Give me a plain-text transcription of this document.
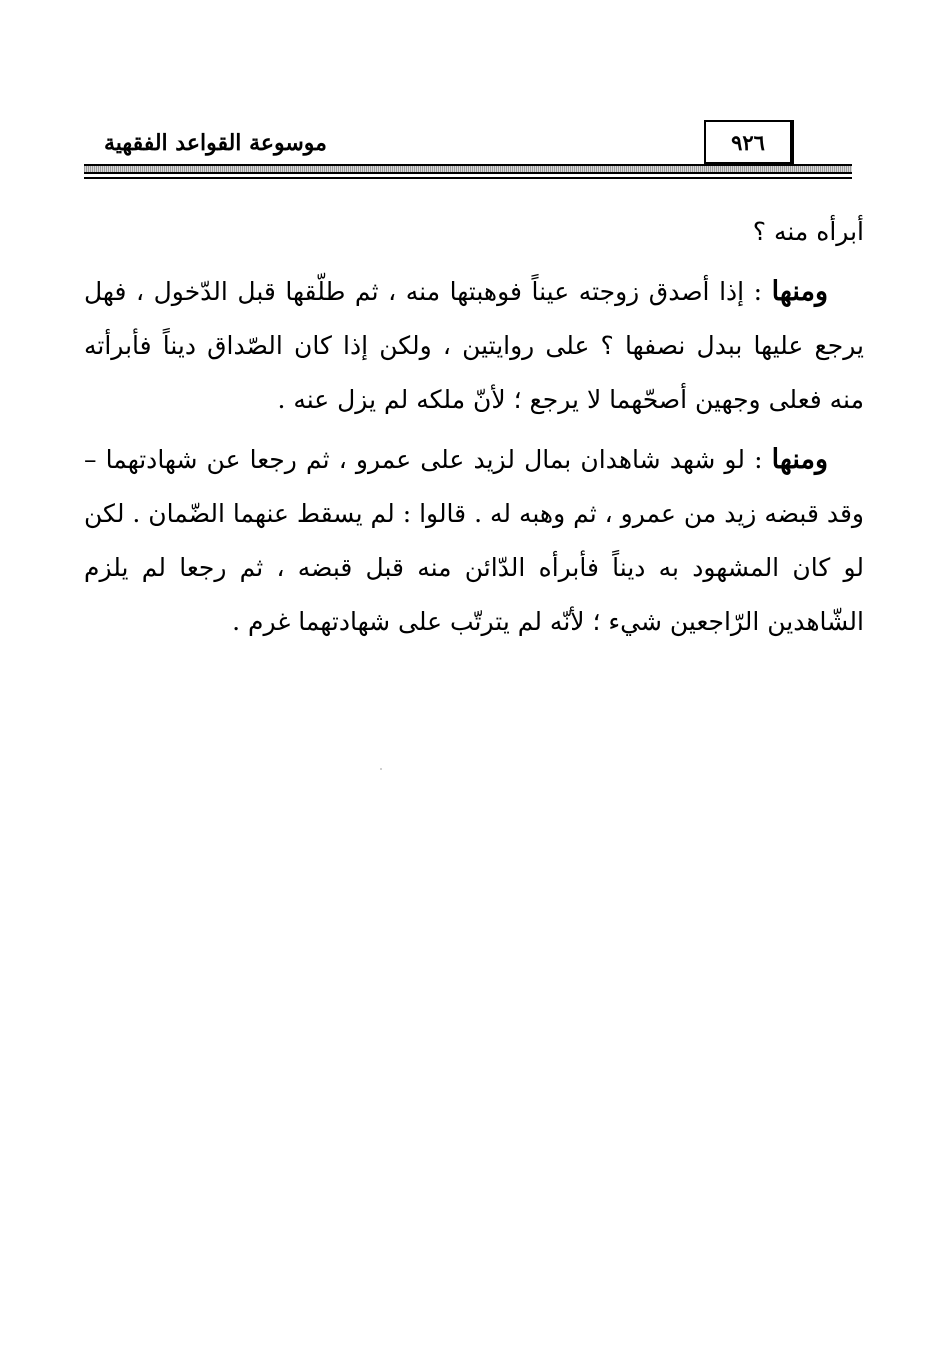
موسوعة القواعد الفقهية	٩٢٦

أبرأه منه ؟

ومنها : إذا أصدق زوجته عيناً فوهبتها منه ، ثم طلّقها قبل الدّخول ، فهل يرجع عليها ببدل نصفها ؟ على روايتين ، ولكن إذا كان الصّداق ديناً فأبرأته منه فعلى وجهين أصحّهما لا يرجع ؛ لأنّ ملكه لم يزل عنه .

ومنها : لو شهد شاهدان بمال لزيد على عمرو ، ثم رجعا عن شهادتهما – وقد قبضه زيد من عمرو ، ثم وهبه له . قالوا : لم يسقط عنهما الضّمان . لكن لو كان المشهود به ديناً فأبرأه الدّائن منه قبل قبضه ، ثم رجعا لم يلزم الشّاهدين الرّاجعين شيء ؛ لأنّه لم يترتّب على شهادتهما غرم .
